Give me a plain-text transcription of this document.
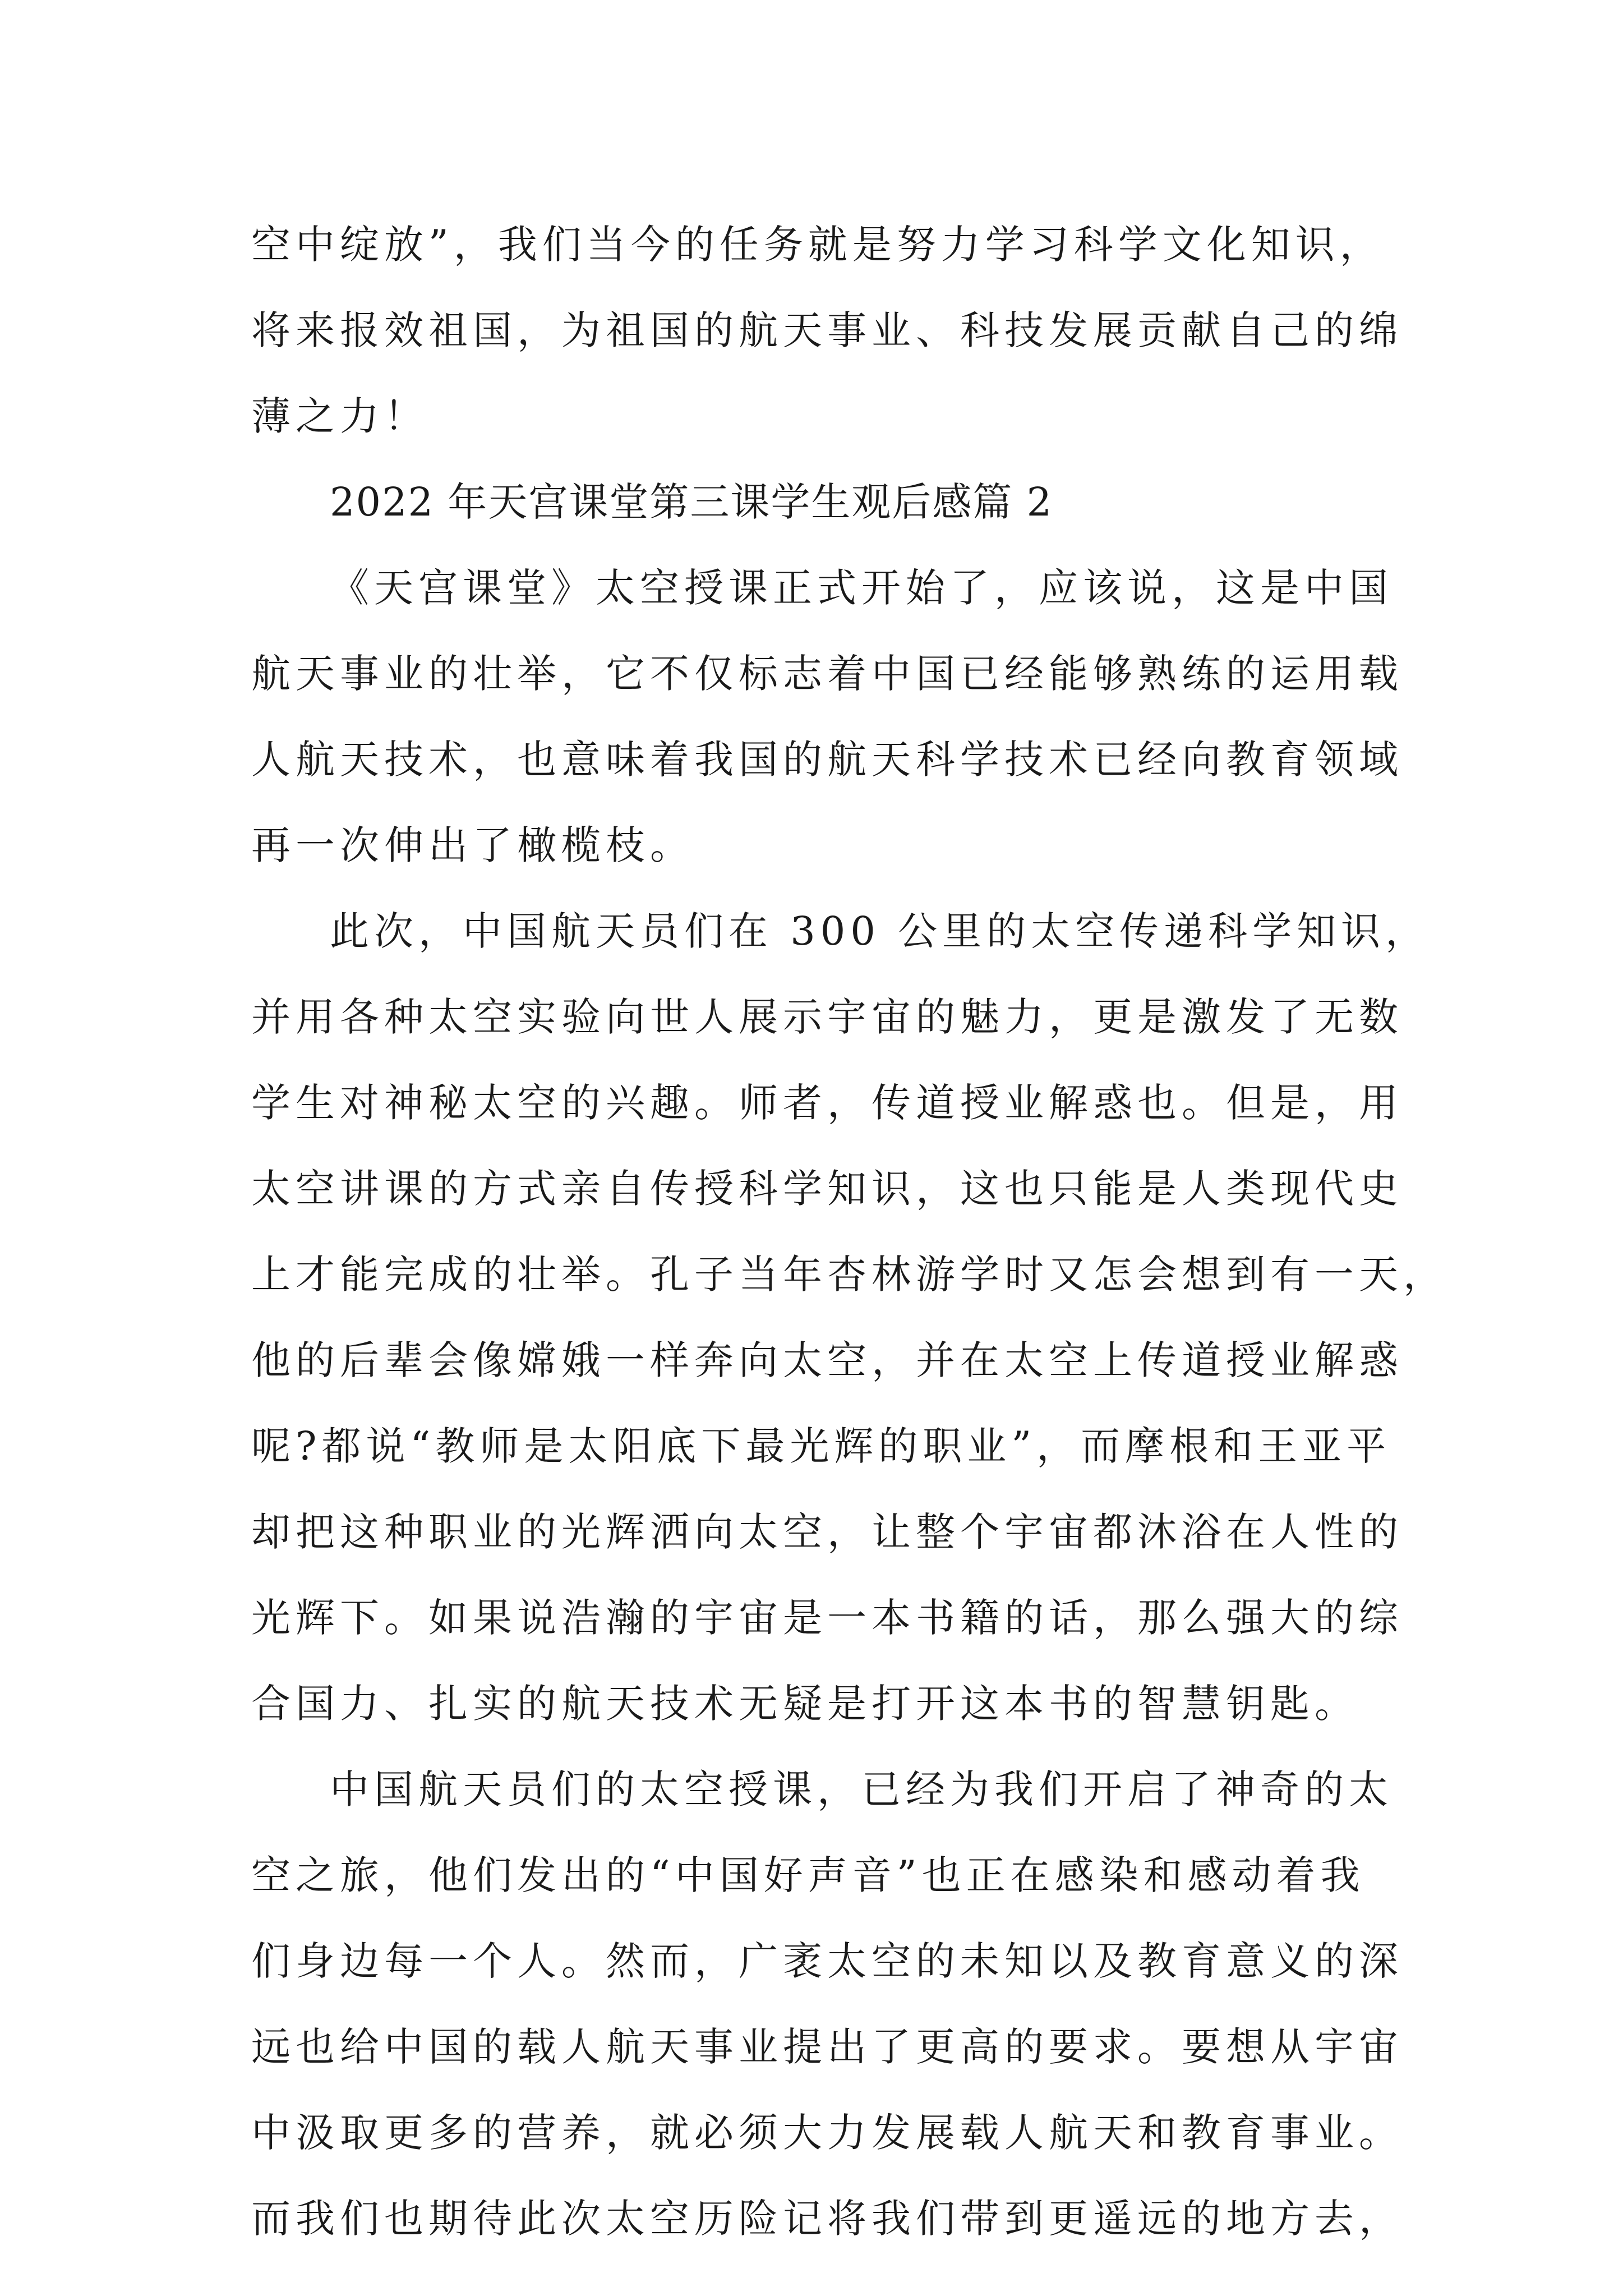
空中绽放”，我们当今的任务就是努力学习科学文化知识，
将来报效祖国，为祖国的航天事业、科技发展贡献自己的绵
薄之力！
2022 年天宫课堂第三课学生观后感篇 2
《天宫课堂》太空授课正式开始了，应该说，这是中国
航天事业的壮举，它不仅标志着中国已经能够熟练的运用载
人航天技术，也意味着我国的航天科学技术已经向教育领域
再一次伸出了橄榄枝。
此次，中国航天员们在 300 公里的太空传递科学知识，
并用各种太空实验向世人展示宇宙的魅力，更是激发了无数
学生对神秘太空的兴趣。师者，传道授业解惑也。但是，用
太空讲课的方式亲自传授科学知识，这也只能是人类现代史
上才能完成的壮举。孔子当年杏林游学时又怎会想到有一天，
他的后辈会像嫦娥一样奔向太空，并在太空上传道授业解惑
呢?都说“教师是太阳底下最光辉的职业”，而摩根和王亚平
却把这种职业的光辉洒向太空，让整个宇宙都沐浴在人性的
光辉下。如果说浩瀚的宇宙是一本书籍的话，那么强大的综
合国力、扎实的航天技术无疑是打开这本书的智慧钥匙。
中国航天员们的太空授课，已经为我们开启了神奇的太
空之旅，他们发出的“中国好声音”也正在感染和感动着我
们身边每一个人。然而，广袤太空的未知以及教育意义的深
远也给中国的载人航天事业提出了更高的要求。要想从宇宙
中汲取更多的营养，就必须大力发展载人航天和教育事业。
而我们也期待此次太空历险记将我们带到更遥远的地方去，
